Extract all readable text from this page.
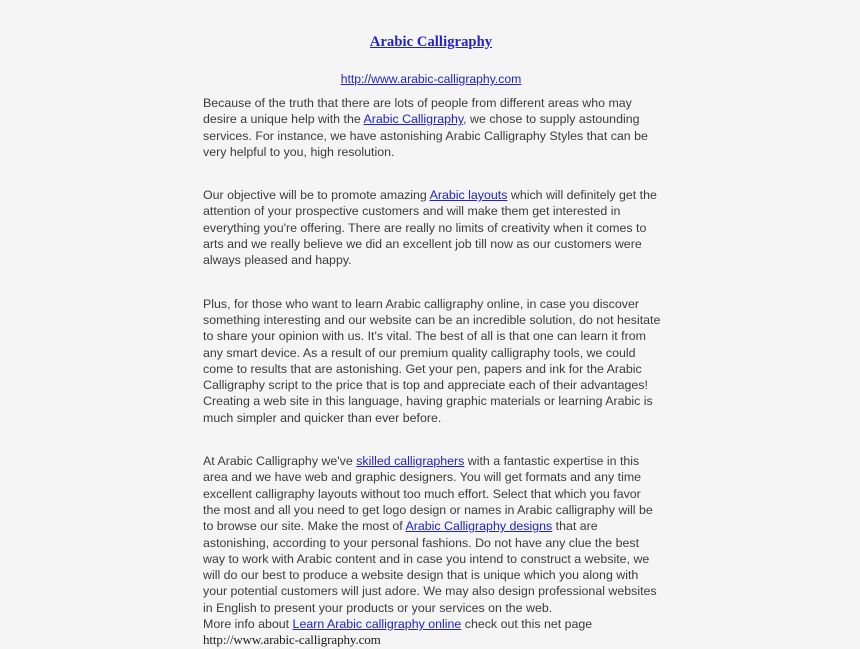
Arabic Calligraphy
http://www.arabic-calligraphy.com

Because of the truth that there are lots of people from different areas who may desire a unique help with the Arabic Calligraphy, we chose to supply astounding services. For instance, we have astonishing Arabic Calligraphy Styles that can be very helpful to you, high resolution.

Our objective will be to promote amazing Arabic layouts which will definitely get the attention of your prospective customers and will make them get interested in everything you're offering. There are really no limits of creativity when it comes to arts and we really believe we did an excellent job till now as our customers were always pleased and happy.

Plus, for those who want to learn Arabic calligraphy online, in case you discover something interesting and our website can be an incredible solution, do not hesitate to share your opinion with us. It's vital. The best of all is that one can learn it from any smart device. As a result of our premium quality calligraphy tools, we could come to results that are astonishing. Get your pen, papers and ink for the Arabic Calligraphy script to the price that is top and appreciate each of their advantages! Creating a web site in this language, having graphic materials or learning Arabic is much simpler and quicker than ever before.

At Arabic Calligraphy we've skilled calligraphers with a fantastic expertise in this area and we have web and graphic designers. You will get formats and any time excellent calligraphy layouts without too much effort. Select that which you favor the most and all you need to get logo design or names in Arabic calligraphy will be to browse our site. Make the most of Arabic Calligraphy designs that are astonishing, according to your personal fashions. Do not have any clue the best way to work with Arabic content and in case you intend to construct a website, we will do our best to produce a website design that is unique which you along with your potential customers will just adore. We may also design professional websites in English to present your products or your services on the web.

More info about Learn Arabic calligraphy online check out this net page
http://www.arabic-calligraphy.com
